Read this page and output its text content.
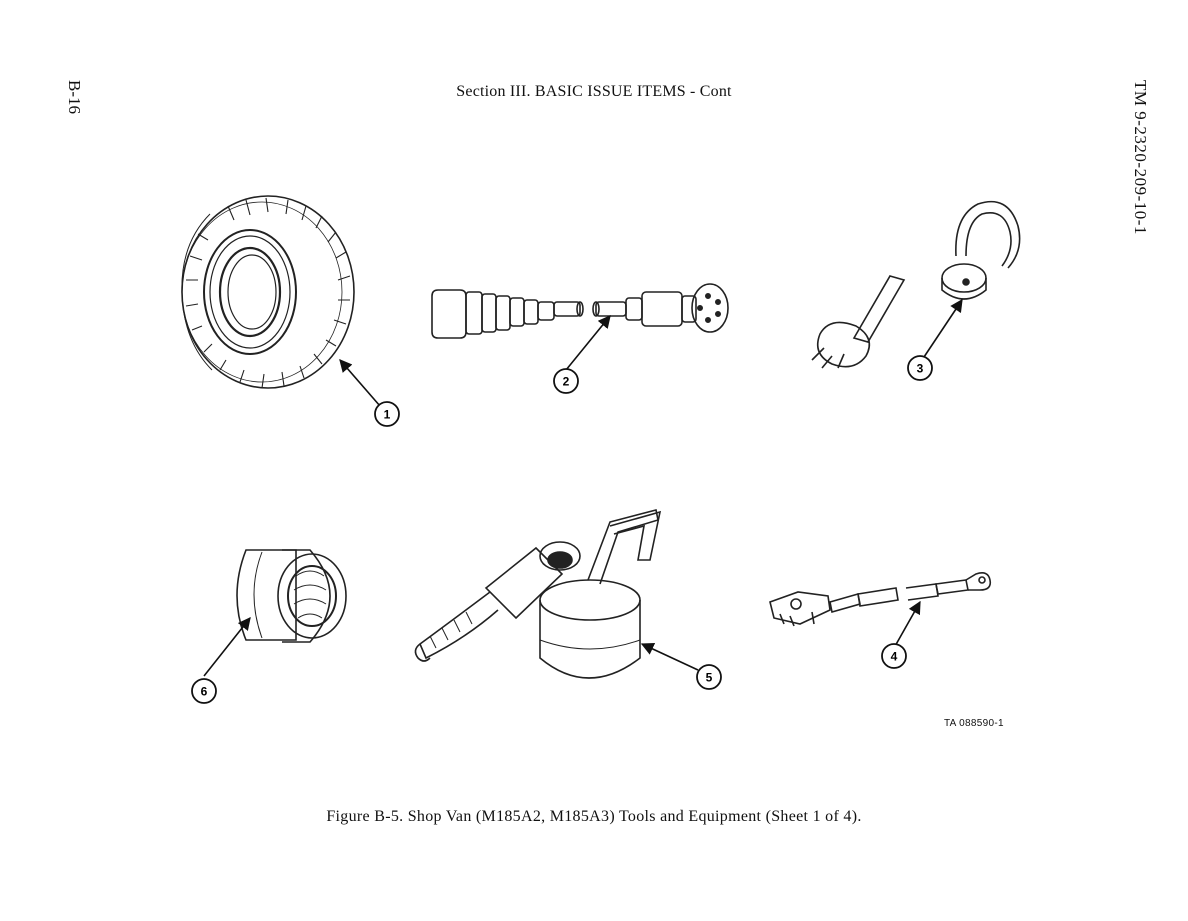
B-16	TM 9-2320-209-10-1
Section III. BASIC ISSUE ITEMS - Cont
1
2
3
4
5
6
TA 088590-1
Figure B-5. Shop Van (M185A2, M185A3) Tools and Equipment (Sheet 1 of 4).
